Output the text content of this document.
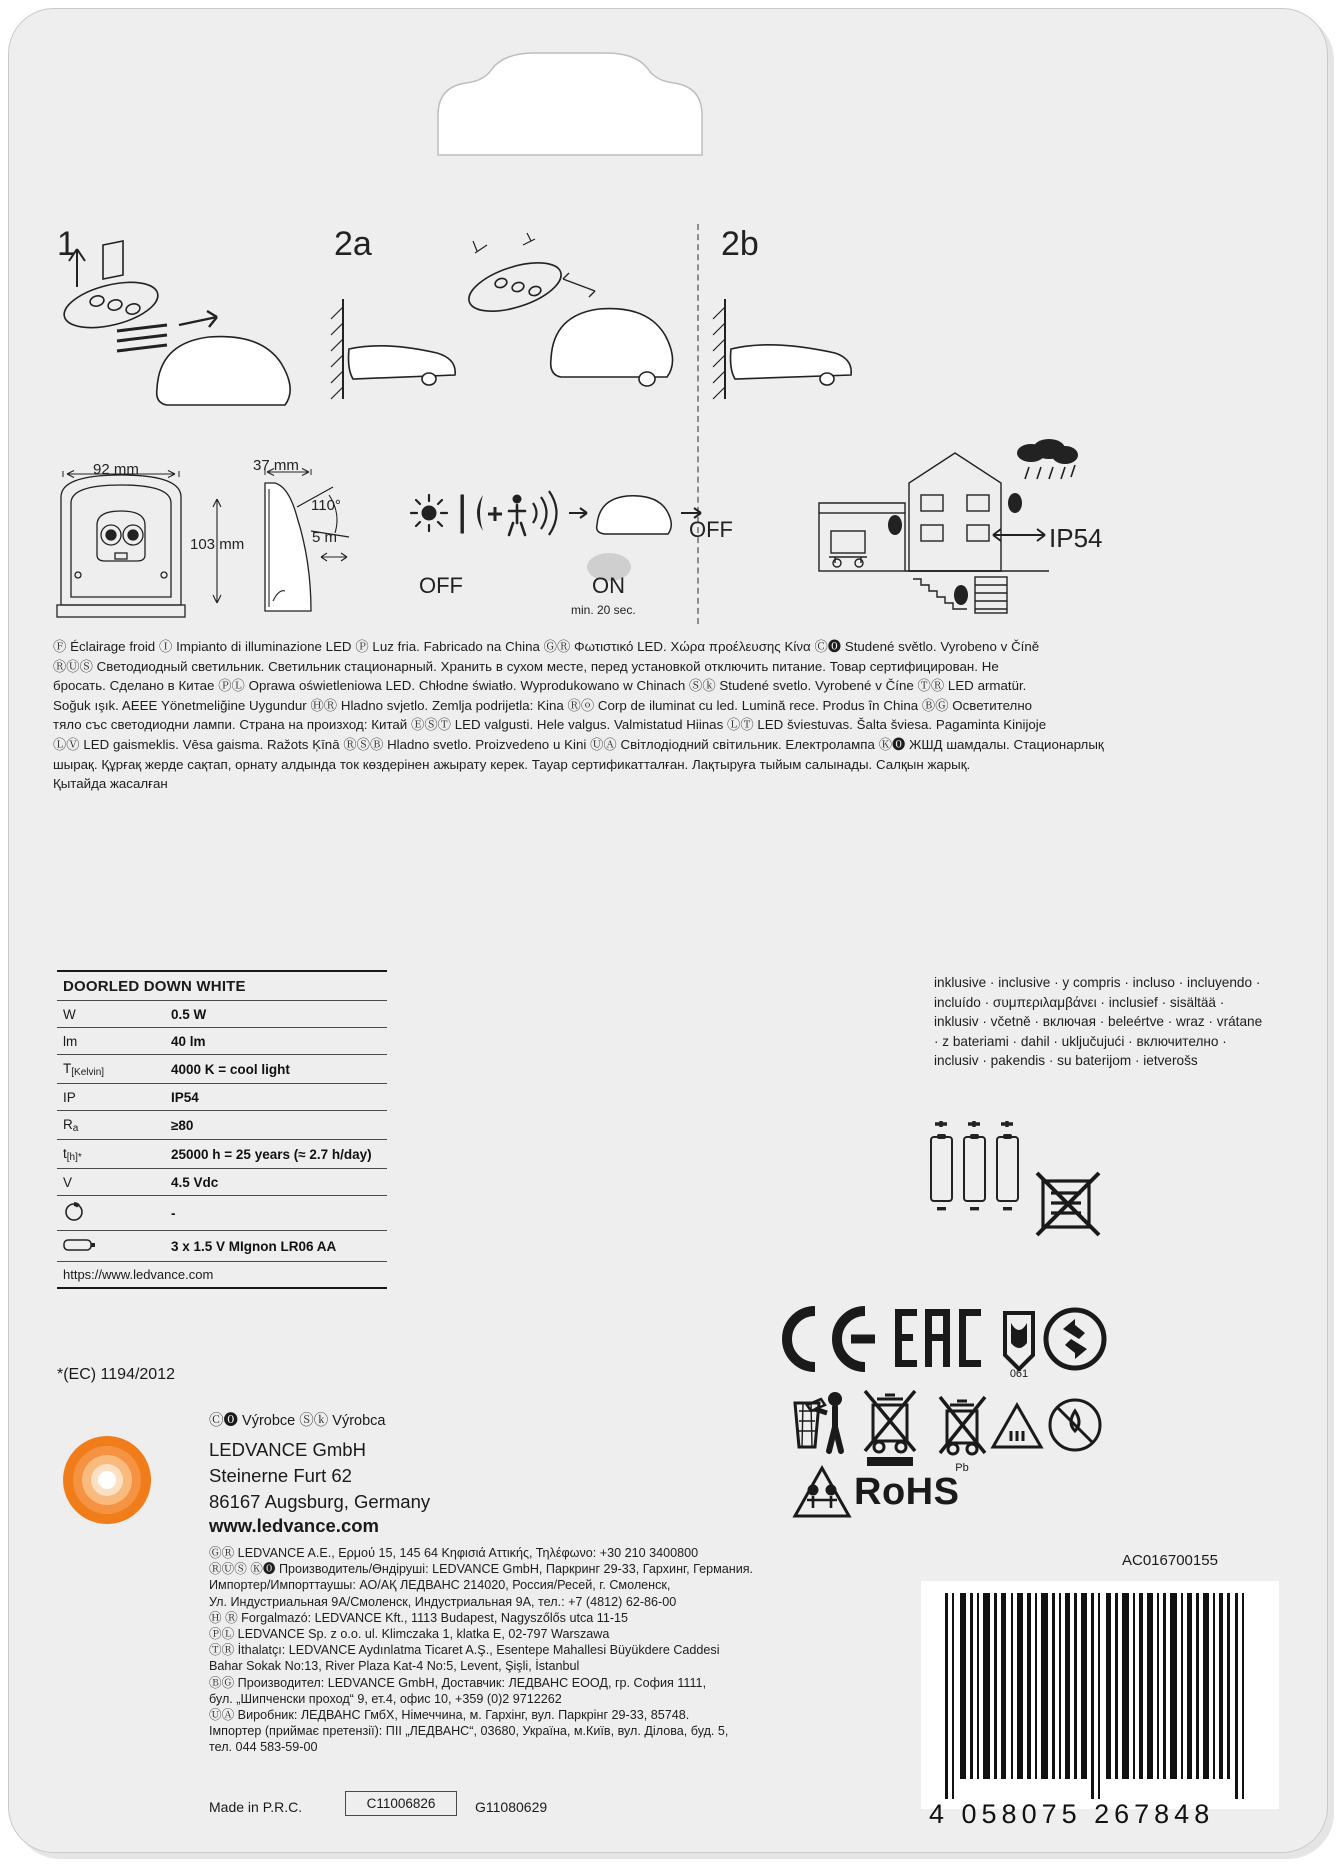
1	2a	2b
92 mm	37 mm
103 mm
110°
5 m	OFF
OFF	ON
min. 20 sec.
IP54
Ⓕ Éclairage froid Ⓘ Impianto di illuminazione LED Ⓟ Luz fria. Fabricado na China ⒼⓇ Φωτιστικό LED. Χώρα προέλευσης Κίνα Ⓒ⓿ Studené světlo. Vyrobeno v Číně
ⓇⓊⓈ Светодиодный светильник. Светильник стационарный. Хранить в сухом месте, перед установкой отключить питание. Товар сертифицирован. Не
бросать. Сделано в Китае ⓅⓁ Oprawa oświetleniowa LED. Chłodne światło. Wyprodukowano w Chinach Ⓢⓚ Studené svetlo. Vyrobené v Číne ⓉⓇ LED armatür.
Soğuk ışık. AEEE Yönetmeliğine Uygundur ⒽⓇ Hladno svjetlo. Zemlja podrijetla: Kina Ⓡⓞ Corp de iluminat cu led. Lumină rece. Produs în China ⒷⒼ Осветително
тяло със светодиодни лампи. Страна на произход: Китай ⒺⓈⓉ LED valgusti. Hele valgus. Valmistatud Hiinas ⓁⓉ LED šviestuvas. Šalta šviesa. Pagaminta Kinijoje
ⓁⓋ LED gaismeklis. Vēsa gaisma. Ražots Ķīnā ⓇⓈⒷ Hladno svetlo. Proizvedeno u Kini ⓊⒶ Світлодіодний світильник. Електролампа Ⓚ⓿ ЖШД шамдалы. Стационарлық
шырақ. Құрғақ жерде сақтап, орнату алдында ток көздерінен ажырату керек. Тауар сертификатталған. Лақтыруға тыйым салынады. Салқын жарық.
Қытайда жасалған
DOORLED DOWN WHITE	
W	0.5 W
lm	40 lm
$T_{[Kelvin]}$	4000 K = cool light
IP	IP54
$R_a$	≥80
$t_{[h]*}$	25000 h = 25 years (≈ 2.7 h/day)
V	4.5 Vdc
	-
	3 x 1.5 V MIgnon LR06 AA
https://www.ledvance.com	
*(EC) 1194/2012
inklusive · inclusive · y compris · incluso · incluyendo · incluído · συμπεριλαμβάνει · inclusief · sisältää · inklusiv · včetně · включая · beleértve · wraz · vrátane · z bateriami · dahil · uključujući · включително · inclusiv · pakendis · su baterijom · ietverošs
061
Pb
RoHS
Ⓒ⓿ Výrobce Ⓢⓚ Výrobca
LEDVANCE GmbH
Steinerne Furt 62
86167 Augsburg, Germany
www.ledvance.com
ⒼⓇ LEDVANCE A.E., Ερμού 15, 145 64 Κηφισιά Αττικής, Τηλέφωνο: +30 210 3400800
ⓇⓊⓈ Ⓚ⓿ Производитель/Өндіруші: LEDVANCE GmbH, Паркринг 29-33, Гархинг, Германия.
Импортер/Импорттаушы: АО/АҚ ЛЕДВАНС 214020, Россия/Ресей, г. Смоленск,
Ул. Индустриальная 9А/Смоленск, Индустриальная 9А, тел.: +7 (4812) 62-86-00
Ⓗ Ⓡ Forgalmazó: LEDVANCE Kft., 1113 Budapest, Nagyszőlős utca 11-15
ⓅⓁ LEDVANCE Sp. z o.o. ul. Klimczaka 1, klatka E, 02-797 Warszawa
ⓉⓇ İthalatçı: LEDVANCE Aydınlatma Ticaret A.Ş., Esentepe Mahallesi Büyükdere Caddesi
Bahar Sokak No:13, River Plaza Kat-4 No:5, Levent, Şişli, İstanbul
ⒷⒼ Производител: LEDVANCE GmbH, Доставчик: ЛЕДВАНС ЕООД, гр. София 1111,
бул. „Шипченски проход“ 9, ет.4, офис 10, +359 (0)2 9712262
ⓊⒶ Виробник: ЛЕДВАНС ГмбХ, Німеччина, м. Гархінг, вул. Паркрінг 29-33, 85748.
Імпортер (приймає претензії): ПІІ „ЛЕДВАНС“, 03680, Україна, м.Київ, вул. Ділова, буд. 5,
тел. 044 583-59-00
Made in P.R.C.	C11006826	G11080629
AC016700155
4 058075 267848
